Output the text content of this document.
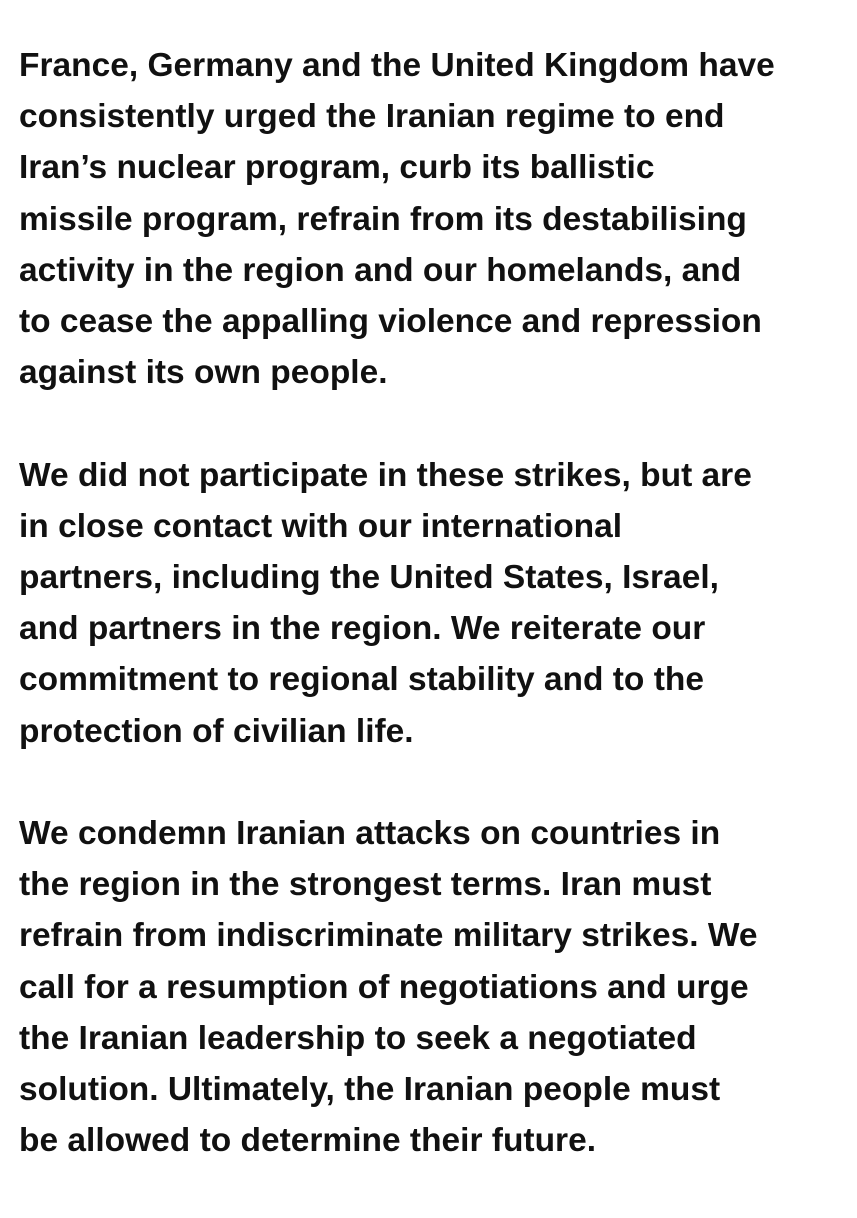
France, Germany and the United Kingdom have
consistently urged the Iranian regime to end
Iran’s nuclear program, curb its ballistic
missile program, refrain from its destabilising
activity in the region and our homelands, and
to cease the appalling violence and repression
against its own people.

We did not participate in these strikes, but are
in close contact with our international
partners, including the United States, Israel,
and partners in the region. We reiterate our
commitment to regional stability and to the
protection of civilian life.

We condemn Iranian attacks on countries in
the region in the strongest terms. Iran must
refrain from indiscriminate military strikes. We
call for a resumption of negotiations and urge
the Iranian leadership to seek a negotiated
solution. Ultimately, the Iranian people must
be allowed to determine their future.
